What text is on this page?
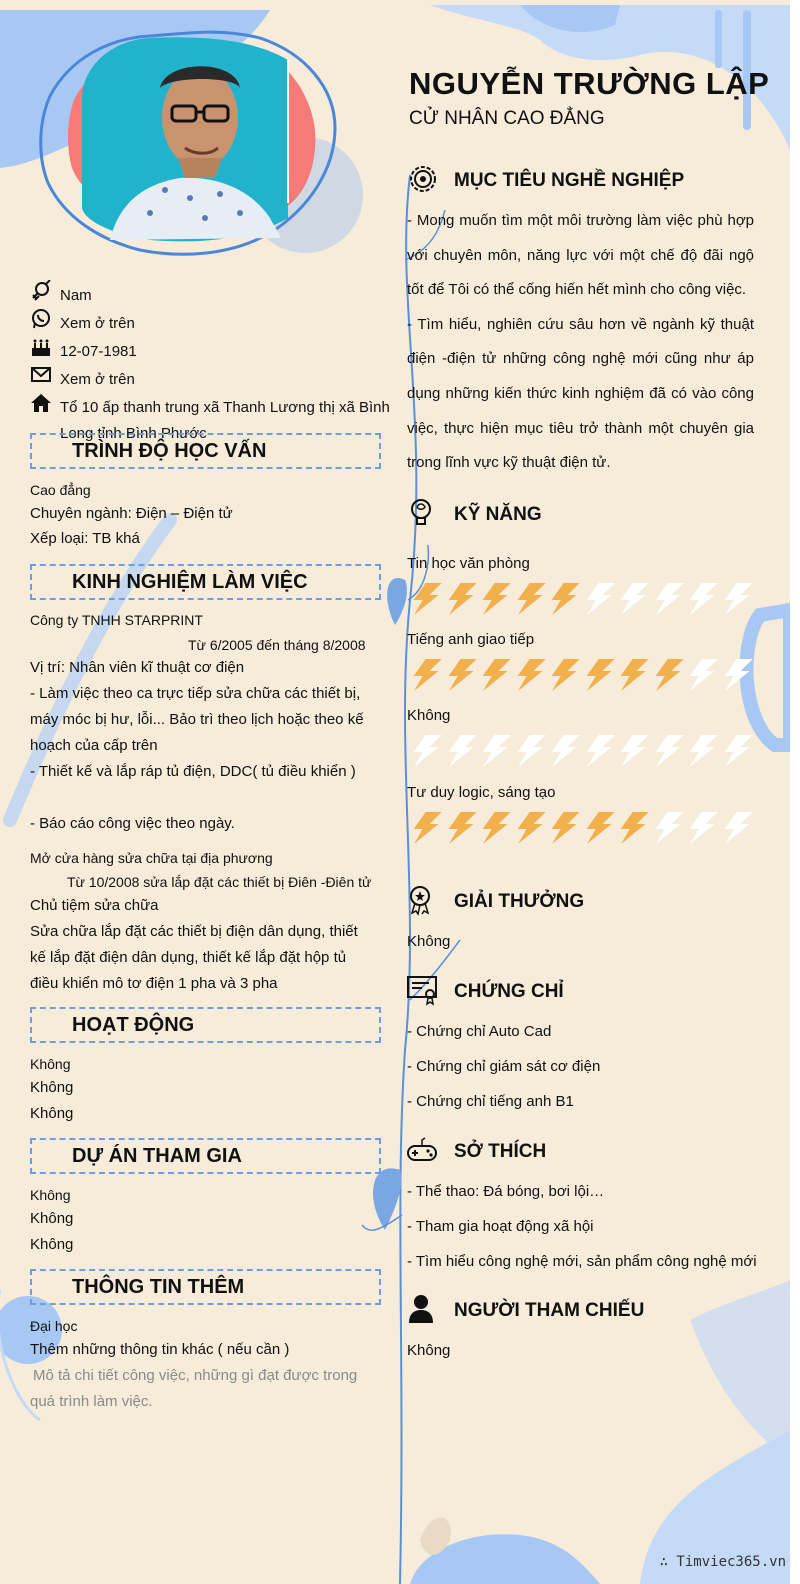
NGUYỄN TRƯỜNG LẬP
CỬ NHÂN CAO ĐẲNG
Nam
Xem ở trên
12-07-1981
Xem ở trên
Tổ 10 ấp thanh trung xã Thanh Lương thị xã Bình Long tỉnh Bình Phước
TRÌNH ĐỘ HỌC VẤN
Cao đẳng
Chuyên ngành: Điện – Điện tử
Xếp loại: TB khá
KINH NGHIỆM LÀM VIỆC
Công ty TNHH STARPRINT
Từ 6/2005 đến tháng 8/2008
Vị trí: Nhân viên kĩ thuật cơ điện
- Làm việc theo ca trực tiếp sửa chữa các thiết bị,
máy móc bị hư, lỗi... Bảo trì theo lịch hoặc theo kế
hoạch của cấp trên
- Thiết kế và lắp ráp tủ điện, DDC( tủ điều khiển )
- Báo cáo công việc theo ngày.
Mở cửa hàng sửa chữa tại địa phương
Từ 10/2008 sửa lắp đặt các thiết bị Điên -Điên tử
Chủ tiệm sửa chữa
Sửa chữa lắp đặt các thiết bị điện dân dụng, thiết
kế lắp đặt điện dân dụng, thiết kế lắp đặt hộp tủ
điều khiển mô tơ điện 1 pha và 3 pha
HOẠT ĐỘNG
Không
Không
Không
DỰ ÁN THAM GIA
Không
Không
Không
THÔNG TIN THÊM
Đại học
Thêm những thông tin khác ( nếu cần )
Mô tả chi tiết công việc, những gì đạt được trong
quá trình làm việc.
MỤC TIÊU NGHỀ NGHIỆP
- Mong muốn tìm một môi trường làm việc phù hợp với chuyên môn, năng lực với một chế độ đãi ngộ tốt để Tôi có thể cống hiến hết mình cho công việc.
- Tìm hiểu, nghiên cứu sâu hơn về ngành kỹ thuật điện -điện tử những công nghệ mới cũng như áp dụng những kiến thức kinh nghiệm đã có vào công việc, thực hiện mục tiêu trở thành một chuyên gia trong lĩnh vực kỹ thuật điện tử.
KỸ NĂNG
Tin học văn phòng
Tiếng anh giao tiếp
Không
Tư duy logic, sáng tạo
GIẢI THƯỞNG
Không
CHỨNG CHỈ
- Chứng chỉ Auto Cad
- Chứng chỉ giám sát cơ điện
- Chứng chỉ tiếng anh B1
SỞ THÍCH
- Thể thao: Đá bóng, bơi lội…
- Tham gia hoạt động xã hội
- Tìm hiểu công nghệ mới, sản phẩm công nghệ mới
NGƯỜI THAM CHIẾU
Không
∴ Timviec365.vn
